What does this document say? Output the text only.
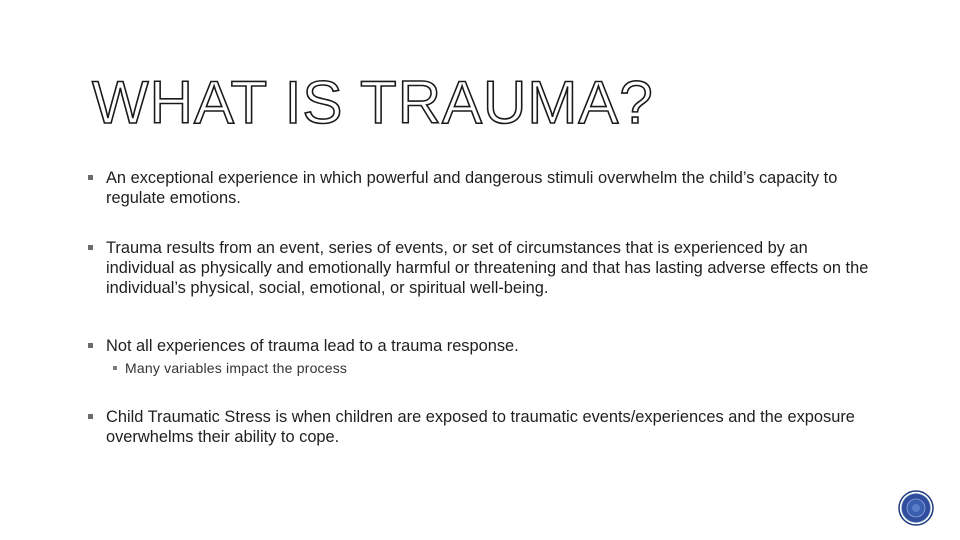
WHAT IS TRAUMA?
An exceptional experience in which powerful and dangerous stimuli overwhelm the child’s capacity to regulate emotions.
Trauma results from an event, series of events, or set of circumstances that is experienced by an individual as physically and emotionally harmful or threatening and that has lasting adverse effects on the individual’s physical, social, emotional, or spiritual well-being.
Not all experiences of trauma lead to a trauma response.
Many variables impact the process
Child Traumatic Stress is when children are exposed to traumatic events/experiences and the exposure overwhelms their ability to cope.
